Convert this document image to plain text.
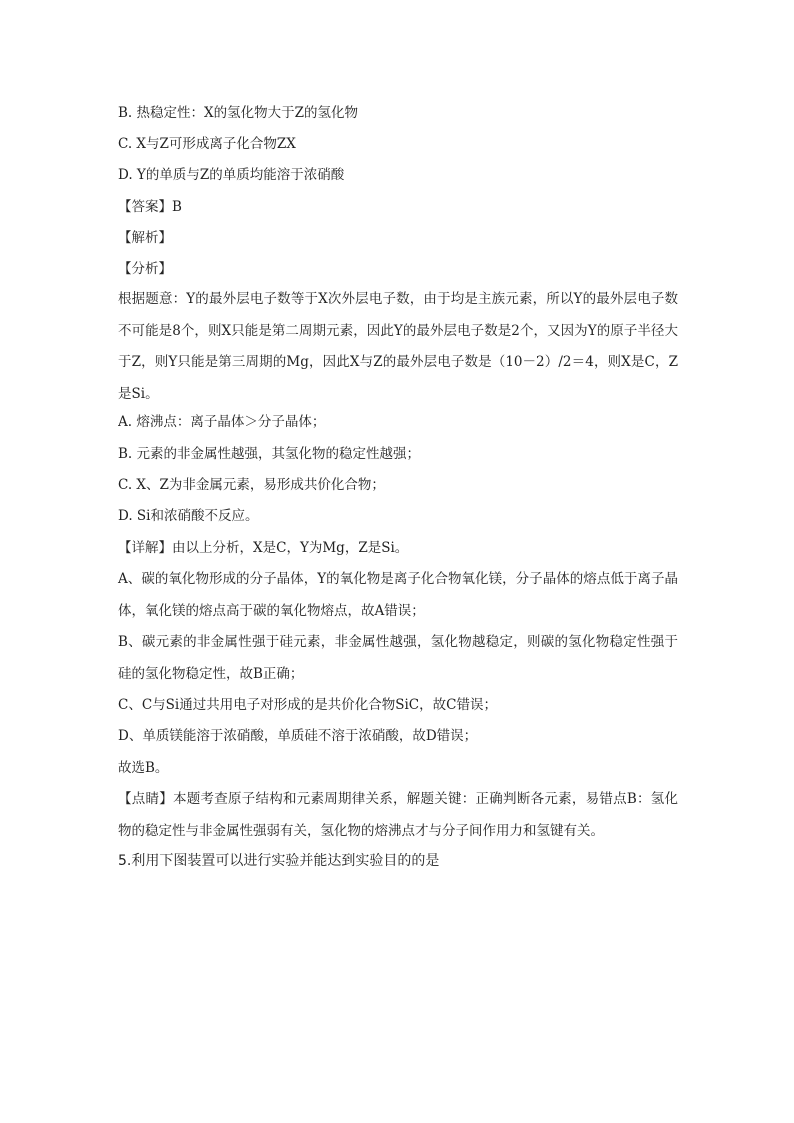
B. 热稳定性：X的氢化物大于Z的氢化物
C. X与Z可形成离子化合物ZX
D. Y的单质与Z的单质均能溶于浓硝酸
【答案】B
【解析】
【分析】
根据题意：Y的最外层电子数等于X次外层电子数，由于均是主族元素，所以Y的最外层电子数不可能是8个，则X只能是第二周期元素，因此Y的最外层电子数是2个，又因为Y的原子半径大于Z，则Y只能是第三周期的Mg，因此X与Z的最外层电子数是（10－2）/2＝4，则X是C，Z是Si。
A. 熔沸点：离子晶体＞分子晶体；
B. 元素的非金属性越强，其氢化物的稳定性越强；
C. X、Z为非金属元素，易形成共价化合物；
D. Si和浓硝酸不反应。
【详解】由以上分析，X是C，Y为Mg，Z是Si。
A、碳的氧化物形成的分子晶体，Y的氧化物是离子化合物氧化镁，分子晶体的熔点低于离子晶体，氧化镁的熔点高于碳的氧化物熔点，故A错误；
B、碳元素的非金属性强于硅元素，非金属性越强，氢化物越稳定，则碳的氢化物稳定性强于硅的氢化物稳定性，故B正确；
C、C与Si通过共用电子对形成的是共价化合物SiC，故C错误；
D、单质镁能溶于浓硝酸，单质硅不溶于浓硝酸，故D错误；
故选B。
【点睛】本题考查原子结构和元素周期律关系，解题关键：正确判断各元素，易错点B：氢化物的稳定性与非金属性强弱有关，氢化物的熔沸点才与分子间作用力和氢键有关。
5.利用下图装置可以进行实验并能达到实验目的的是
